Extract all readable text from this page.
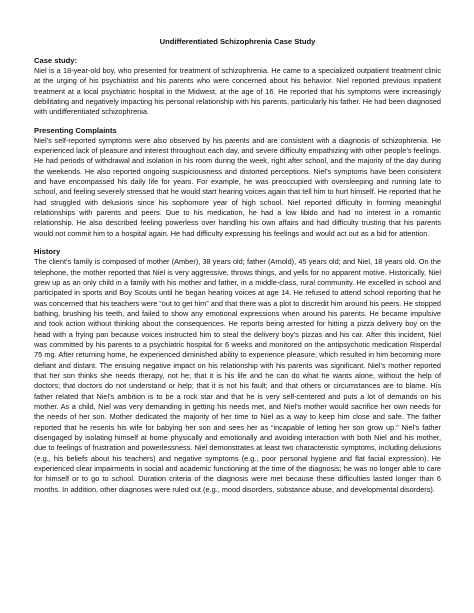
Undifferentiated Schizophrenia Case Study
Case study:

Niel is a 18-year-old boy, who presented for treatment of schizophrenia. He came to a specialized outpatient treatment clinic at the urging of his psychiatrist and his parents who were concerned about his behavior. Niel reported previous inpatient treatment at a local psychiatric hospital in the Midwest, at the age of 16. He reported that his symptoms were increasingly debilitating and negatively impacting his personal relationship with his parents, particularly his father. He had been diagnosed with undifferentiated schizophrenia.

Presenting Complaints

Niel’s self-reported symptoms were also observed by his parents and are consistent with a diagnosis of schizophrenia. He experienced lack of pleasure and interest throughout each day, and severe difficulty empathizing with other people’s feelings. He had periods of withdrawal and isolation in his room during the week, right after school, and the majority of the day during the weekends. He also reported ongoing suspiciousness and distorted perceptions. Niel’s symptoms have been consistent and have encompassed his daily life for years. For example, he was preoccupied with oversleeping and running late to school, and feeling severely stressed that he would start hearing voices again that tell him to hurt himself. He reported that he had struggled with delusions since his sophomore year of high school. Niel reported difficulty in forming meaningful relationships with parents and peers. Due to his medication, he had a low libido and had no interest in a romantic relationship. He also described feeling powerless over handling his own affairs and had difficulty trusting that his parents would not commit him to a hospital again. He had difficulty expressing his feelings and would act out as a bid for attention.

History

The client’s family is composed of mother (Amber), 38 years old; father (Arnold), 45 years old; and Niel, 18 years old. On the telephone, the mother reported that Niel is very aggressive, throws things, and yells for no apparent motive. Historically, Niel grew up as an only child in a family with his mother and father, in a middle-class, rural community. He excelled in school and participated in sports and Boy Scouts until he began hearing voices at age 14. He refused to attend school reporting that he was concerned that his teachers were “out to get him” and that there was a plot to discredit him around his peers. He stopped bathing, brushing his teeth, and failed to show any emotional expressions when around his parents. He became impulsive and took action without thinking about the consequences. He reports being arrested for hitting a pizza delivery boy on the head with a frying pan because voices instructed him to steal the delivery boy’s pizzas and his car. After this incident, Niel was committed by his parents to a psychiatric hospital for 6 weeks and monitored on the antipsychotic medication Risperdal 75 mg. After returning home, he experienced diminished ability to experience pleasure, which resulted in him becoming more defiant and distant. The ensuing negative impact on his relationship with his parents was significant. Niel’s mother reported that her son thinks she needs therapy, not he; that it is his life and he can do what he wants alone, without the help of doctors; that doctors do not understand or help; that it is not his fault; and that others or circumstances are to blame. His father related that Niel’s ambition is to be a rock star and that he is very self-centered and puts a lot of demands on his mother. As a child, Niel was very demanding in getting his needs met, and Niel’s mother would sacrifice her own needs for the needs of her son. Mother dedicated the majority of her time to Niel as a way to keep him close and safe. The father reported that he resents his wife for babying her son and sees her as “incapable of letting her son grow up.” Niel’s father disengaged by isolating himself at home physically and emotionally and avoiding interaction with both Niel and his mother, due to feelings of frustration and powerlessness. Niel demonstrates at least two characteristic symptoms, including delusions (e.g., his beliefs about his teachers) and negative symptoms (e.g., poor personal hygiene and flat facial expression). He experienced clear impairments in social and academic functioning at the time of the diagnosis; he was no longer able to care for himself or to go to school. Duration criteria of the diagnosis were met because these difficulties lasted longer than 6 months. In addition, other diagnoses were ruled out (e.g., mood disorders, substance abuse, and developmental disorders).
